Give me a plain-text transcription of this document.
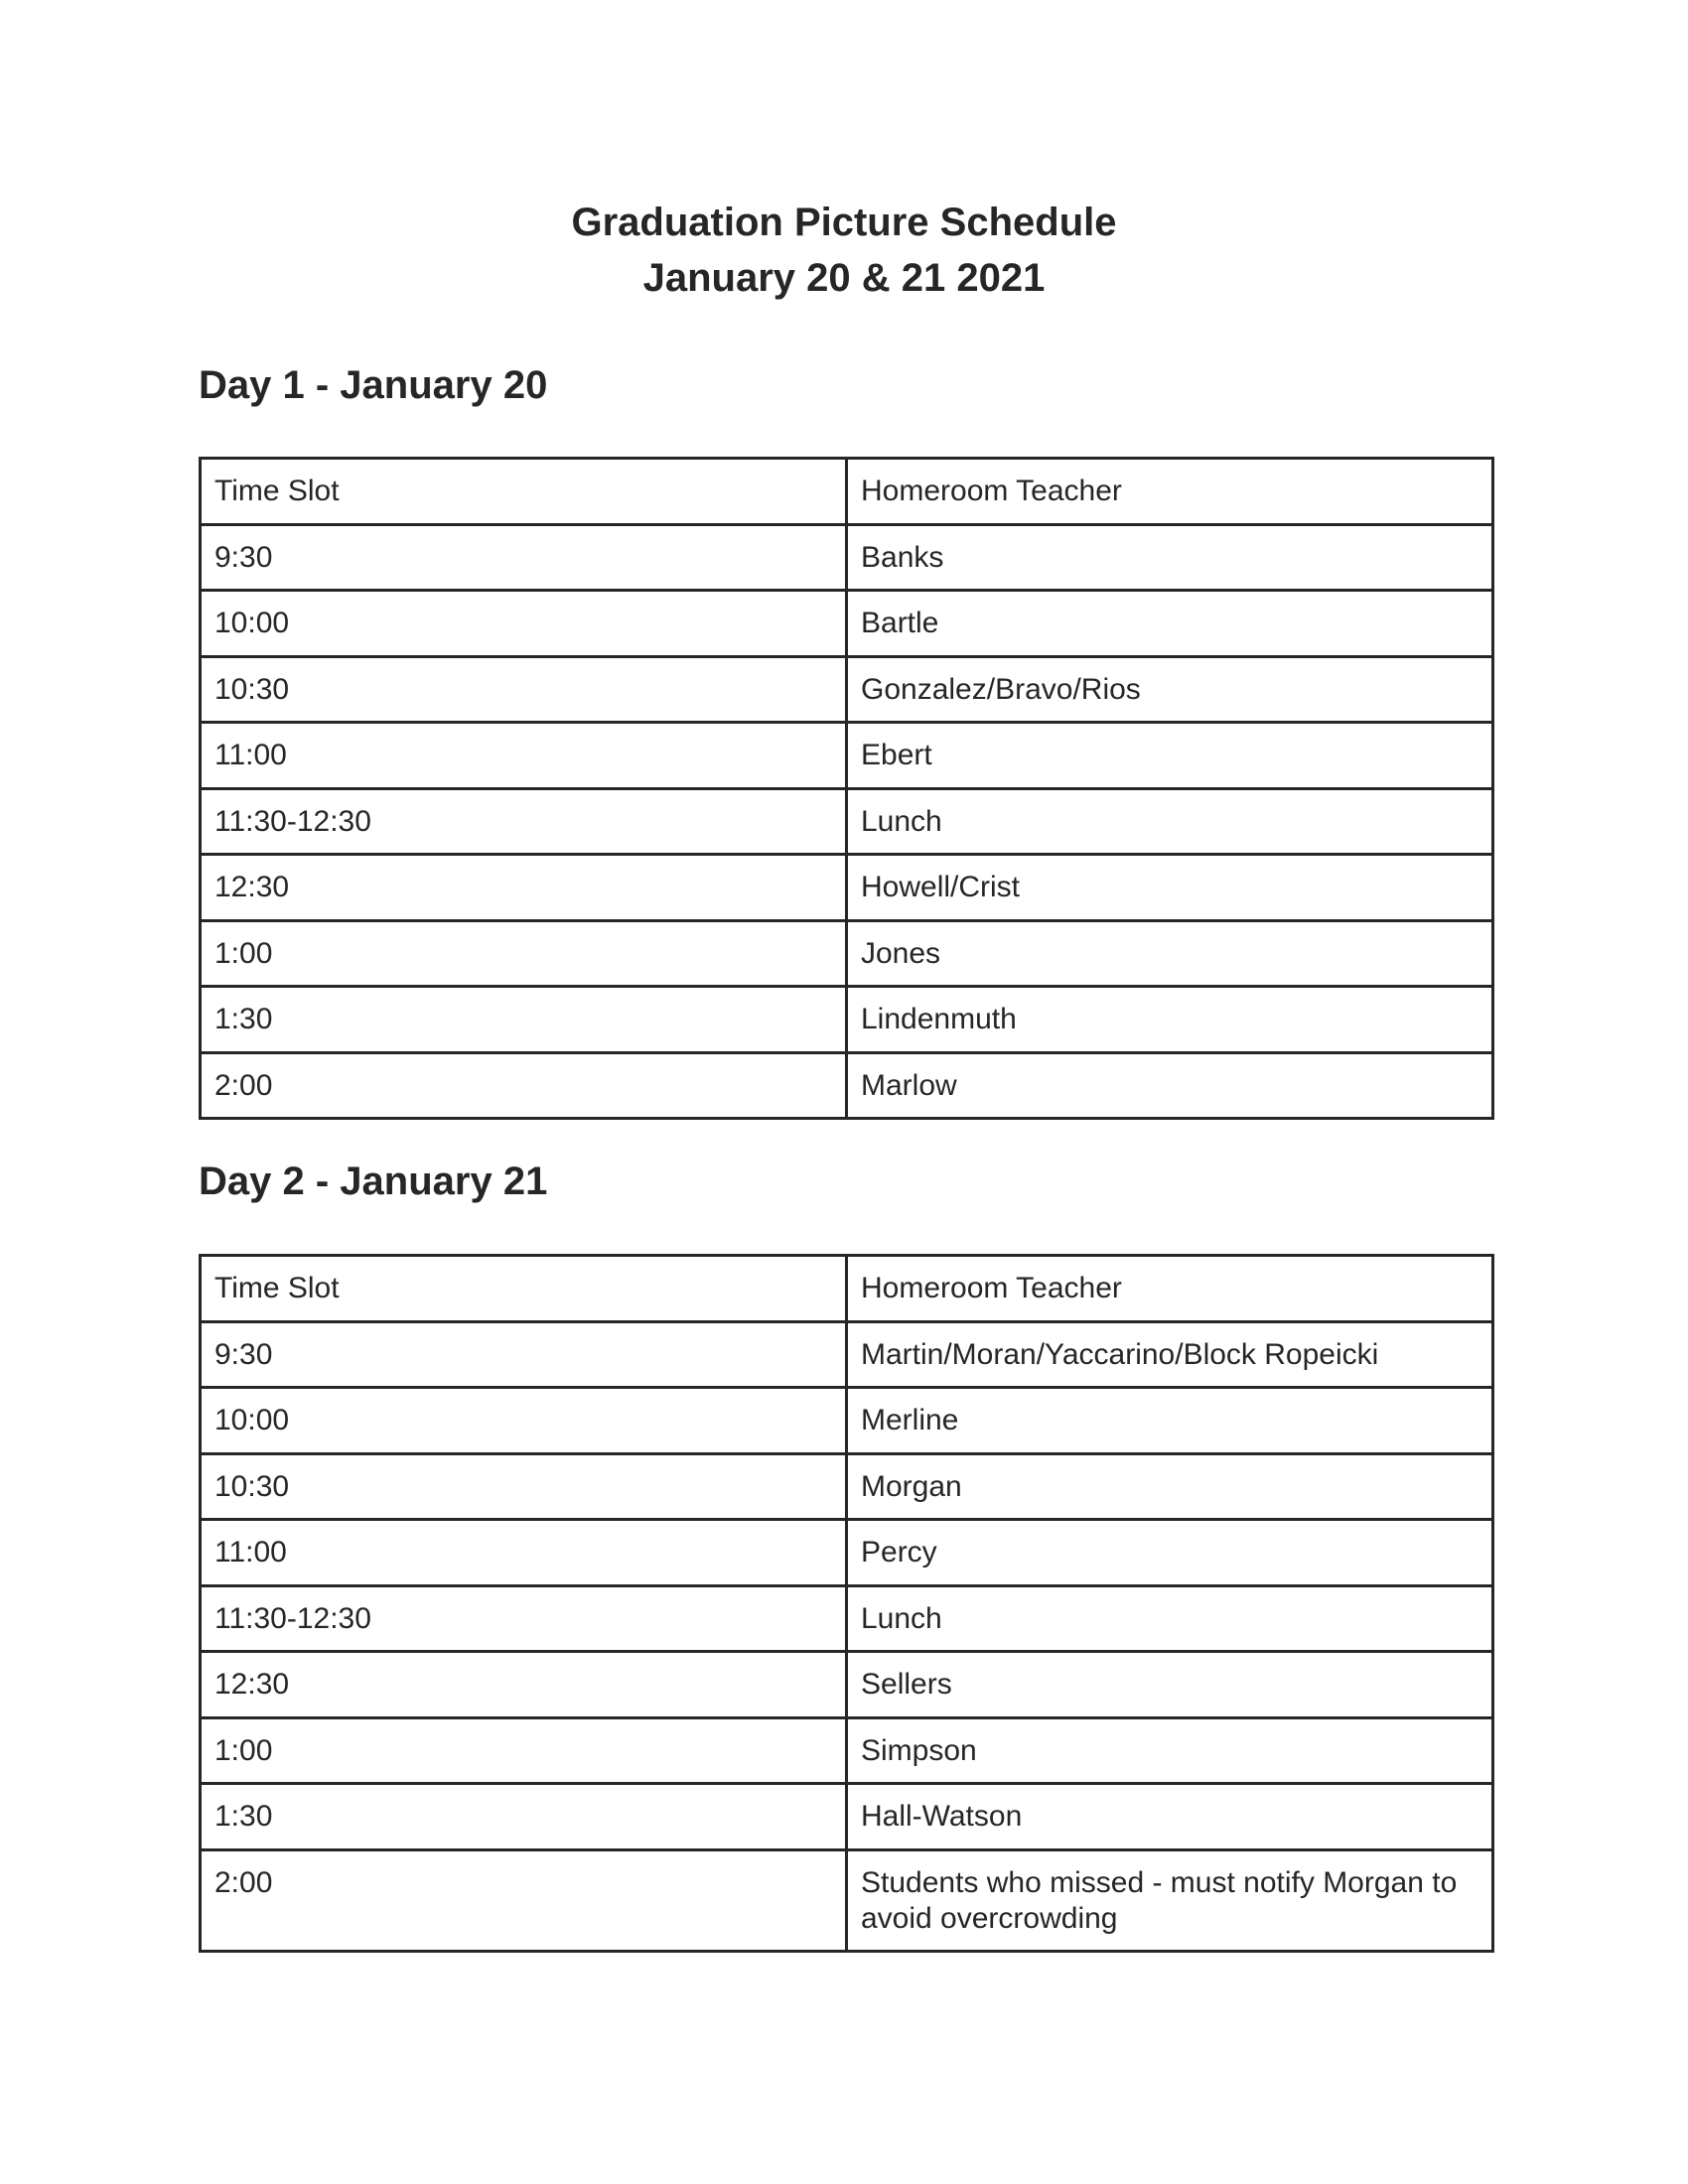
Graduation Picture Schedule

January 20 & 21 2021

Day 1 - January 20
Time Slot	Homeroom Teacher
9:30	Banks
10:00	Bartle
10:30	Gonzalez/Bravo/Rios
11:00	Ebert
11:30-12:30	Lunch
12:30	Howell/Crist
1:00	Jones
1:30	Lindenmuth
2:00	Marlow
Day 2 - January 21
Time Slot	Homeroom Teacher
9:30	Martin/Moran/Yaccarino/Block Ropeicki
10:00	Merline
10:30	Morgan
11:00	Percy
11:30-12:30	Lunch
12:30	Sellers
1:00	Simpson
1:30	Hall-Watson
2:00	Students who missed - must notify Morgan to avoid overcrowding
